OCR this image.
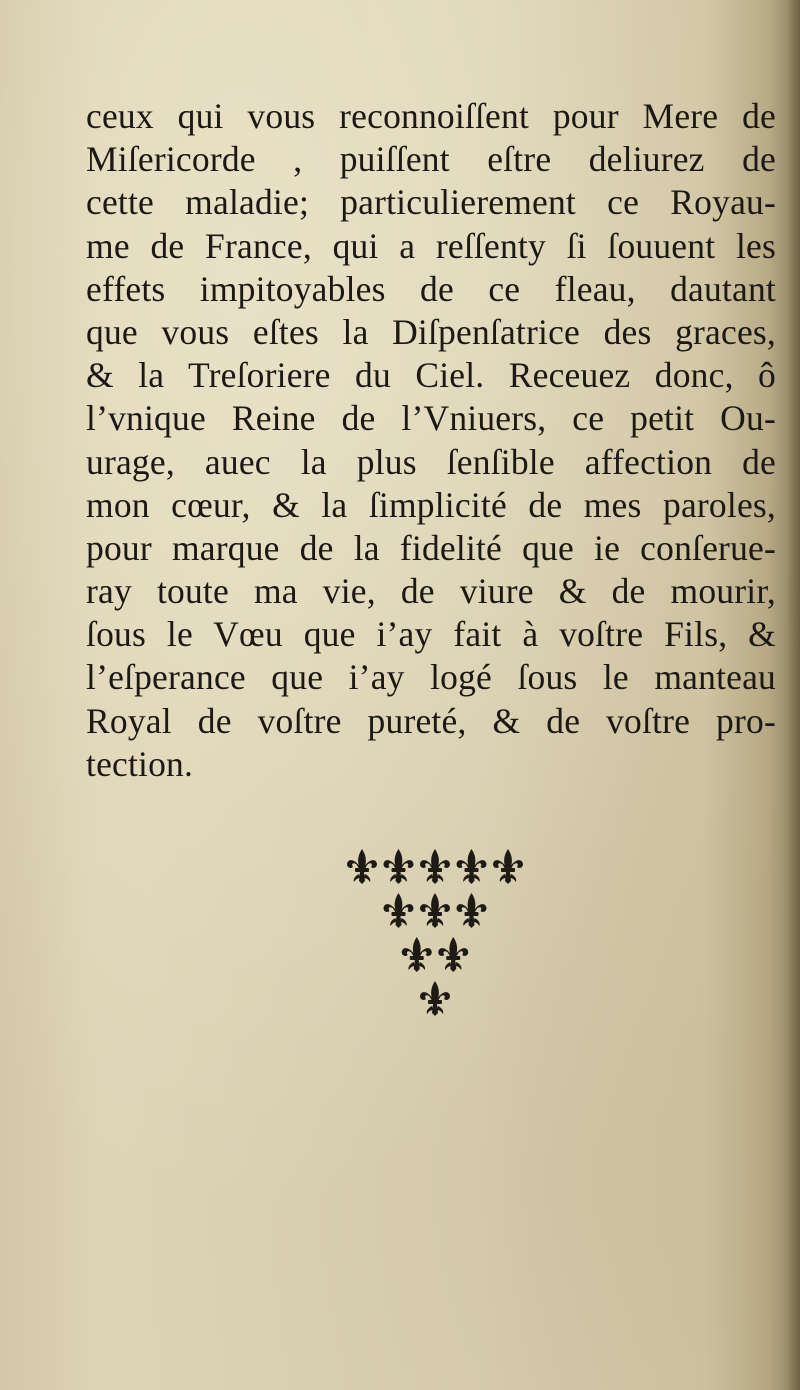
ceux qui vous reconnoiſſent pour Mere de
Miſericorde , puiſſent eſtre deliurez de
cette maladie; particulierement ce Royau-
me de France, qui a reſſenty ſi ſouuent les
effets impitoyables de ce fleau, dautant
que vous eſtes la Diſpenſatrice des graces,
& la Treſoriere du Ciel. Receuez donc, ô
l’vnique Reine de l’Vniuers, ce petit Ou-
urage, auec la plus ſenſible affection de
mon cœur, & la ſimplicité de mes paroles,
pour marque de la fidelité que ie conſerue-
ray toute ma vie, de viure & de mourir,
ſous le Vœu que i’ay fait à voſtre Fils, &
l’eſperance que i’ay logé ſous le manteau
Royal de voſtre pureté, & de voſtre pro-
tection.
